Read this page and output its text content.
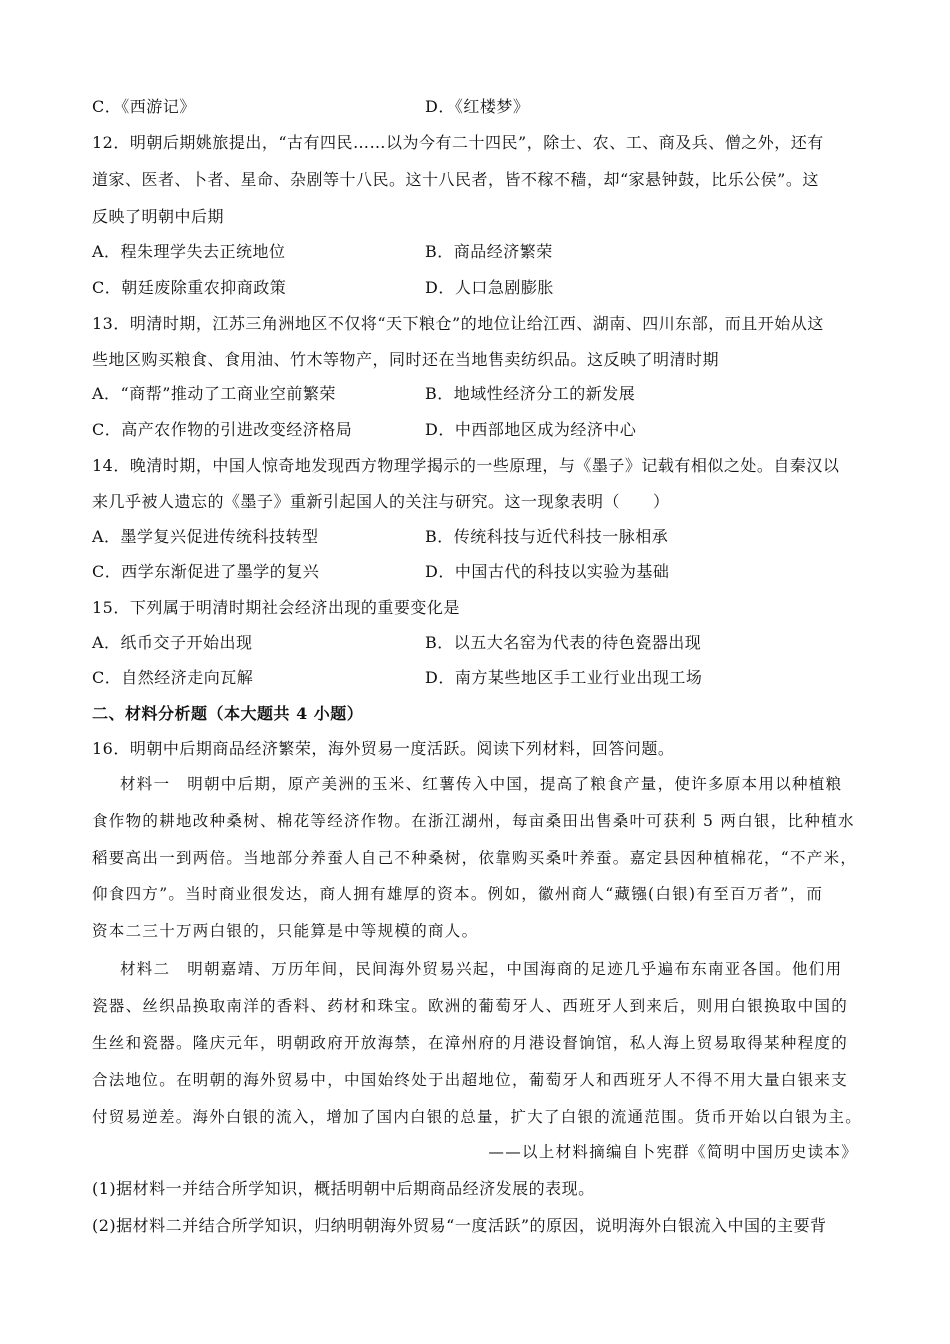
C．《西游记》	D．《红楼梦》
12．明朝后期姚旅提出，“古有四民……以为今有二十四民”，除士、农、工、商及兵、僧之外，还有
道家、医者、卜者、星命、杂剧等十八民。这十八民者，皆不稼不穑，却“家悬钟鼓，比乐公侯”。这
反映了明朝中后期
A．程朱理学失去正统地位	B．商品经济繁荣
C．朝廷废除重农抑商政策	D．人口急剧膨胀
13．明清时期，江苏三角洲地区不仅将“天下粮仓”的地位让给江西、湖南、四川东部，而且开始从这
些地区购买粮食、食用油、竹木等物产，同时还在当地售卖纺织品。这反映了明清时期
A．“商帮”推动了工商业空前繁荣	B．地域性经济分工的新发展
C．高产农作物的引进改变经济格局	D．中西部地区成为经济中心
14．晚清时期，中国人惊奇地发现西方物理学揭示的一些原理，与《墨子》记载有相似之处。自秦汉以
来几乎被人遗忘的《墨子》重新引起国人的关注与研究。这一现象表明（　　）
A．墨学复兴促进传统科技转型	B．传统科技与近代科技一脉相承
C．西学东渐促进了墨学的复兴	D．中国古代的科技以实验为基础
15．下列属于明清时期社会经济出现的重要变化是
A．纸币交子开始出现	B．以五大名窑为代表的待色瓷器出现
C．自然经济走向瓦解	D．南方某些地区手工业行业出现工场
二、材料分析题（本大题共 4 小题）
16．明朝中后期商品经济繁荣，海外贸易一度活跃。阅读下列材料，回答问题。
材料一　明朝中后期，原产美洲的玉米、红薯传入中国，提高了粮食产量，使许多原本用以种植粮
食作物的耕地改种桑树、棉花等经济作物。在浙江湖州，每亩桑田出售桑叶可获利 5 两白银，比种植水
稻要高出一到两倍。当地部分养蚕人自己不种桑树，依靠购买桑叶养蚕。嘉定县因种植棉花，“不产米，
仰食四方”。当时商业很发达，商人拥有雄厚的资本。例如，徽州商人“藏镪(白银)有至百万者”，而
资本二三十万两白银的，只能算是中等规模的商人。
材料二　明朝嘉靖、万历年间，民间海外贸易兴起，中国海商的足迹几乎遍布东南亚各国。他们用
瓷器、丝织品换取南洋的香料、药材和珠宝。欧洲的葡萄牙人、西班牙人到来后，则用白银换取中国的
生丝和瓷器。隆庆元年，明朝政府开放海禁，在漳州府的月港设督饷馆，私人海上贸易取得某种程度的
合法地位。在明朝的海外贸易中，中国始终处于出超地位，葡萄牙人和西班牙人不得不用大量白银来支
付贸易逆差。海外白银的流入，增加了国内白银的总量，扩大了白银的流通范围。货币开始以白银为主。
——以上材料摘编自卜宪群《简明中国历史读本》
(1)据材料一并结合所学知识，概括明朝中后期商品经济发展的表现。
(2)据材料二并结合所学知识，归纳明朝海外贸易“一度活跃”的原因，说明海外白银流入中国的主要背
